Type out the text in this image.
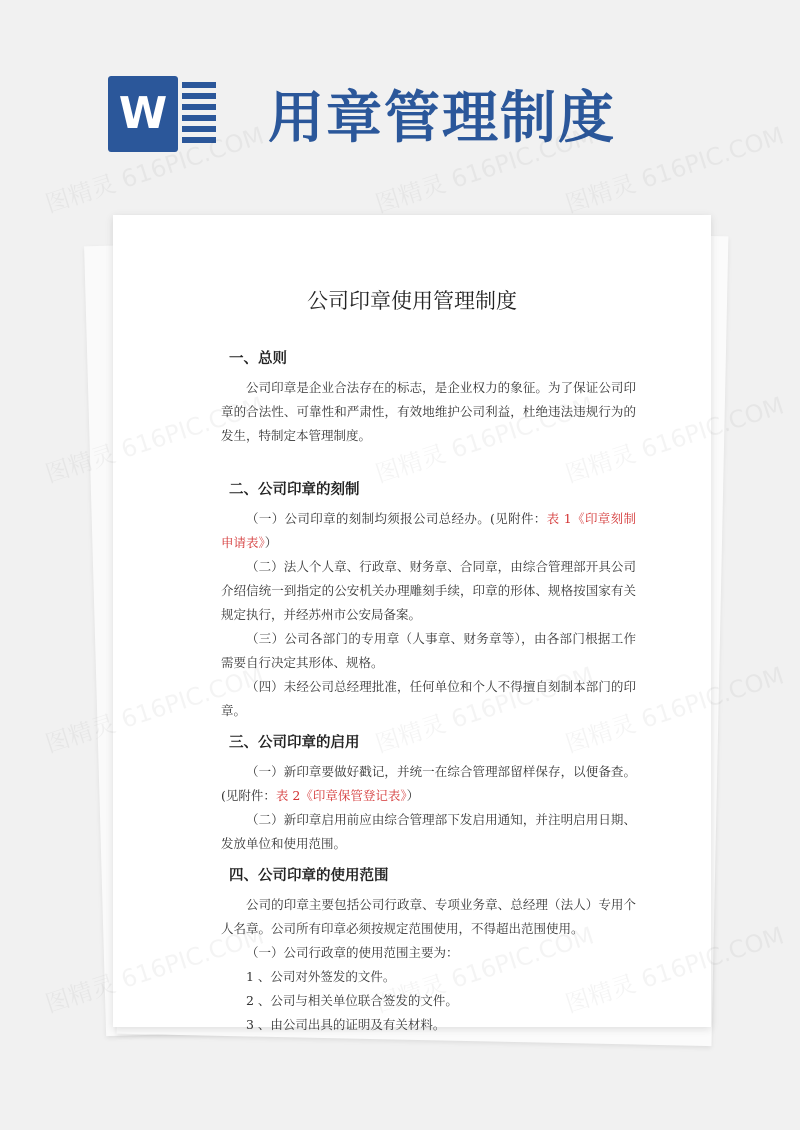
W 用章管理制度
公司印章使用管理制度
一、总则

公司印章是企业合法存在的标志，是企业权力的象征。为了保证公司印章的合法性、可靠性和严肃性，有效地维护公司利益，杜绝违法违规行为的发生，特制定本管理制度。

二、公司印章的刻制

（一）公司印章的刻制均须报公司总经办。(见附件：表 1《印章刻制申请表》）

（二）法人个人章、行政章、财务章、合同章，由综合管理部开具公司介绍信统一到指定的公安机关办理雕刻手续，印章的形体、规格按国家有关规定执行，并经苏州市公安局备案。

（三）公司各部门的专用章（人事章、财务章等），由各部门根据工作需要自行决定其形体、规格。

（四）未经公司总经理批准，任何单位和个人不得擅自刻制本部门的印章。

三、公司印章的启用

（一）新印章要做好戳记，并统一在综合管理部留样保存，以便备查。(见附件：表 2《印章保管登记表》）

（二）新印章启用前应由综合管理部下发启用通知，并注明启用日期、发放单位和使用范围。

四、公司印章的使用范围

公司的印章主要包括公司行政章、专项业务章、总经理（法人）专用个人名章。公司所有印章必须按规定范围使用，不得超出范围使用。

（一）公司行政章的使用范围主要为：

1 、公司对外签发的文件。

2 、公司与相关单位联合签发的文件。

3 、由公司出具的证明及有关材料。
